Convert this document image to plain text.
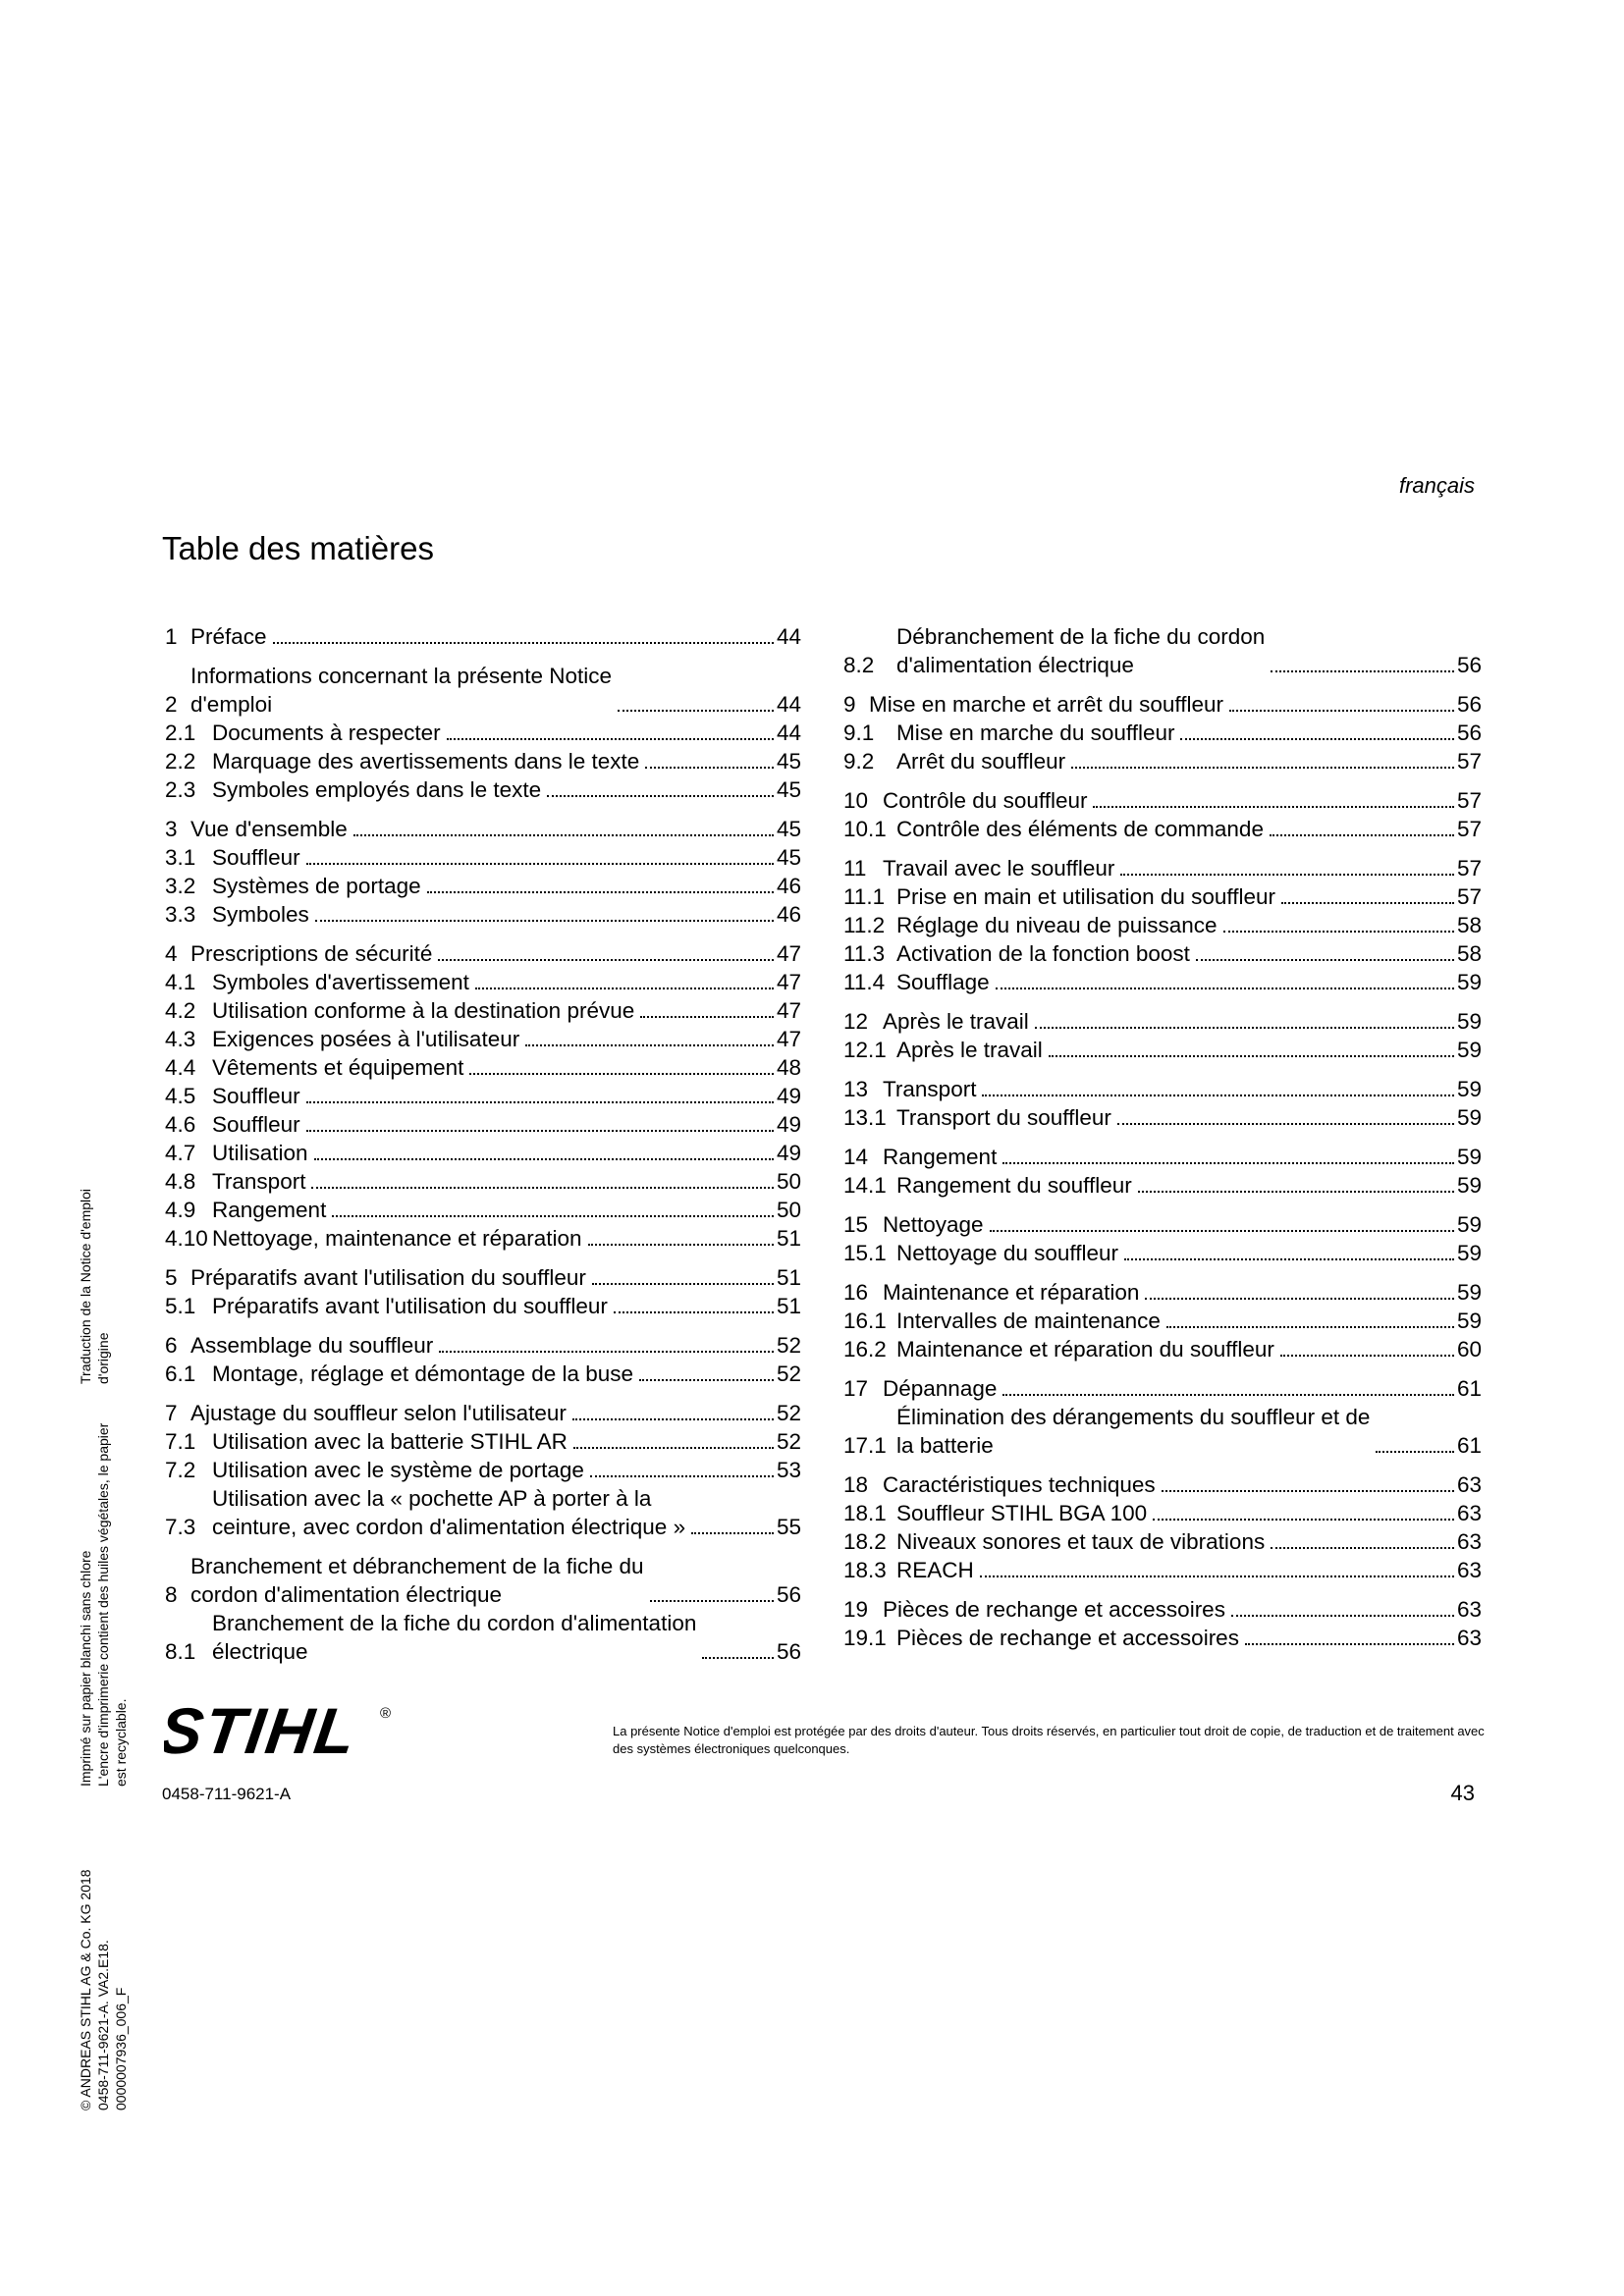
français
Table des matières
© ANDREAS STIHL AG & Co. KG 2018 0458-711-9621-A. VA2.E18. 0000007936_006_F
Imprimé sur papier blanchi sans chlore L'encre d'imprimerie contient des huiles végétales, le papier est recyclable.
Traduction de la Notice d'emploi d'origine
1 Préface	44
2
Informations concernant la présente Notice
d'emploi	44
2.1 Documents à respecter	44
2.2 Marquage des avertissements dans le texte	45
2.3 Symboles employés dans le texte	45
3 Vue d'ensemble	45
3.1 Souffleur	45
3.2 Systèmes de portage	46
3.3 Symboles	46
4 Prescriptions de sécurité	47
4.1 Symboles d'avertissement	47
4.2 Utilisation conforme à la destination prévue	47
4.3 Exigences posées à l'utilisateur	47
4.4 Vêtements et équipement	48
4.5 Souffleur	49
4.6 Souffleur	49
4.7 Utilisation	49
4.8 Transport	50
4.9 Rangement	50
4.10 Nettoyage, maintenance et réparation	51
5 Préparatifs avant l'utilisation du souffleur	51
5.1 Préparatifs avant l'utilisation du souffleur	51
6 Assemblage du souffleur	52
6.1 Montage, réglage et démontage de la buse	52
7 Ajustage du souffleur selon l'utilisateur	52
7.1 Utilisation avec la batterie STIHL AR	52
7.2 Utilisation avec le système de portage	53
7.3
Utilisation avec la « pochette AP à porter à la
ceinture, avec cordon d'alimentation électrique »	55
8
Branchement et débranchement de la fiche du
cordon d'alimentation électrique	56
8.1
Branchement de la fiche du cordon d'alimentation
électrique	56
8.2
Débranchement de la fiche du cordon
d'alimentation électrique	56
9 Mise en marche et arrêt du souffleur	56
9.1	Mise en marche du souffleur	56
9.2	Arrêt du souffleur	57
10 Contrôle du souffleur	57
10.1 Contrôle des éléments de commande	57
11 Travail avec le souffleur	57
11.1 Prise en main et utilisation du souffleur	57
11.2 Réglage du niveau de puissance	58
11.3 Activation de la fonction boost	58
11.4 Soufflage	59
12 Après le travail	59
12.1 Après le travail	59
13 Transport	59
13.1 Transport du souffleur	59
14 Rangement	59
14.1 Rangement du souffleur	59
15 Nettoyage	59
15.1 Nettoyage du souffleur	59
16 Maintenance et réparation	59
16.1 Intervalles de maintenance	59
16.2 Maintenance et réparation du souffleur	60
17 Dépannage	61
17.1
Élimination des dérangements du souffleur et de
la batterie	61
18 Caractéristiques techniques	63
18.1 Souffleur STIHL BGA 100	63
18.2 Niveaux sonores et taux de vibrations	63
18.3 REACH	63
19 Pièces de rechange et accessoires	63
19.1 Pièces de rechange et accessoires	63
STIHL ®
La présente Notice d'emploi est protégée par des droits d'auteur. Tous droits réservés, en particulier tout droit de copie, de traduction et de traitement avec des systèmes électroniques quelconques.
0458-711-9621-A	43
